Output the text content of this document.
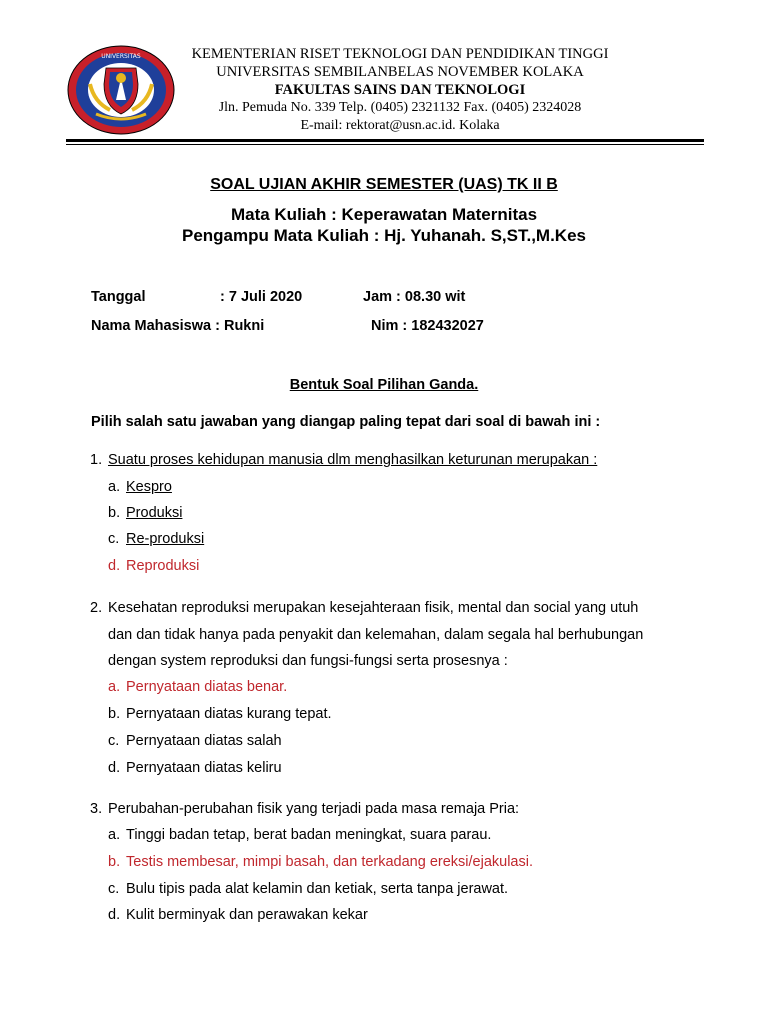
UNIVERSITAS	KEMENTERIAN RISET TEKNOLOGI DAN PENDIDIKAN TINGGI
UNIVERSITAS SEMBILANBELAS NOVEMBER KOLAKA
FAKULTAS SAINS DAN TEKNOLOGI
Jln. Pemuda No. 339 Telp. (0405) 2321132 Fax. (0405) 2324028
E-mail: rektorat@usn.ac.id. Kolaka
SOAL UJIAN AKHIR SEMESTER (UAS) TK II B
Mata Kuliah : Keperawatan Maternitas
Pengampu Mata Kuliah : Hj. Yuhanah. S,ST.,M.Kes
Tanggal	: 7 Juli 2020	Jam : 08.30 wit
Nama Mahasiswa : Rukni	Nim : 182432027
Bentuk Soal Pilihan Ganda.
Pilih salah satu jawaban yang diangap paling tepat dari soal di bawah ini :
1. Suatu proses kehidupan manusia dlm menghasilkan keturunan merupakan :
a. Kespro
b. Produksi
c. Re-produksi
d. Reproduksi
2. Kesehatan reproduksi merupakan kesejahteraan fisik, mental dan social yang utuh
dan dan tidak hanya pada penyakit dan kelemahan, dalam segala hal berhubungan
dengan system reproduksi dan fungsi-fungsi serta prosesnya :
a. Pernyataan diatas benar.
b. Pernyataan diatas kurang tepat.
c. Pernyataan diatas salah
d. Pernyataan diatas keliru
3. Perubahan-perubahan fisik yang terjadi pada masa remaja Pria:
a. Tinggi badan tetap, berat badan meningkat, suara parau.
b. Testis membesar, mimpi basah, dan terkadang ereksi/ejakulasi.
c. Bulu tipis pada alat kelamin dan ketiak, serta tanpa jerawat.
d. Kulit berminyak dan perawakan kekar
